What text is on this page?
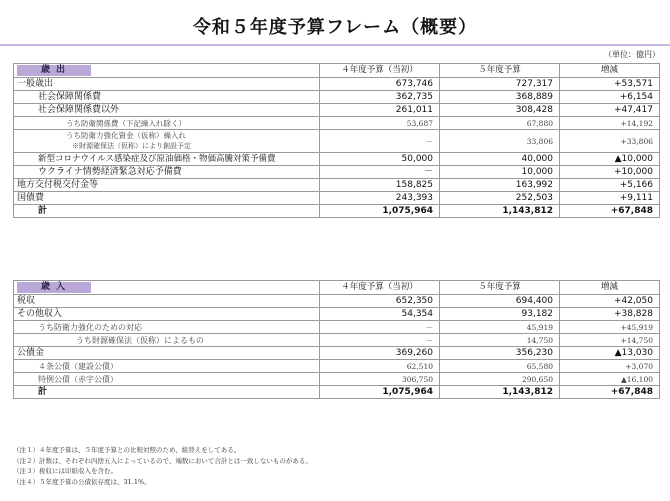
令和５年度予算フレーム（概要）
（単位：億円）
歳出	４年度予算（当初）	５年度予算	増減
一般歳出	673,746	727,317	+53,571
社会保障関係費	362,735	368,889	+6,154
社会保障関係費以外	261,011	308,428	+47,417
うち防衛関係費（下記繰入れ除く）	53,687	67,880	+14,192

うち防衛力強化資金（仮称）繰入れ
※財源確保法（仮称）により創設予定	－	33,806	+33,806
新型コロナウイルス感染症及び原油価格・物価高騰対策予備費	50,000	40,000	▲10,000
ウクライナ情勢経済緊急対応予備費	－	10,000	+10,000
地方交付税交付金等	158,825	163,992	+5,166
国債費	243,393	252,503	+9,111
計	1,075,964	1,143,812	+67,848
歳入	４年度予算（当初）	５年度予算	増減
税収	652,350	694,400	+42,050
その他収入	54,354	93,182	+38,828
うち防衛力強化のための対応	－	45,919	+45,919
うち財源確保法（仮称）によるもの	－	14,750	+14,750
公債金	369,260	356,230	▲13,030
４条公債（建設公債）	62,510	65,580	+3,070
特例公債（赤字公債）	306,750	290,650	▲16,100
計	1,075,964	1,143,812	+67,848
（注１）４年度予算は、５年度予算との比較対照のため、組替えをしてある。
（注２）計数は、それぞれ四捨五入によっているので、端数において合計とは一致しないものがある。
（注３）税収には印紙収入を含む。
（注４）５年度予算の公債依存度は、31.1%。
